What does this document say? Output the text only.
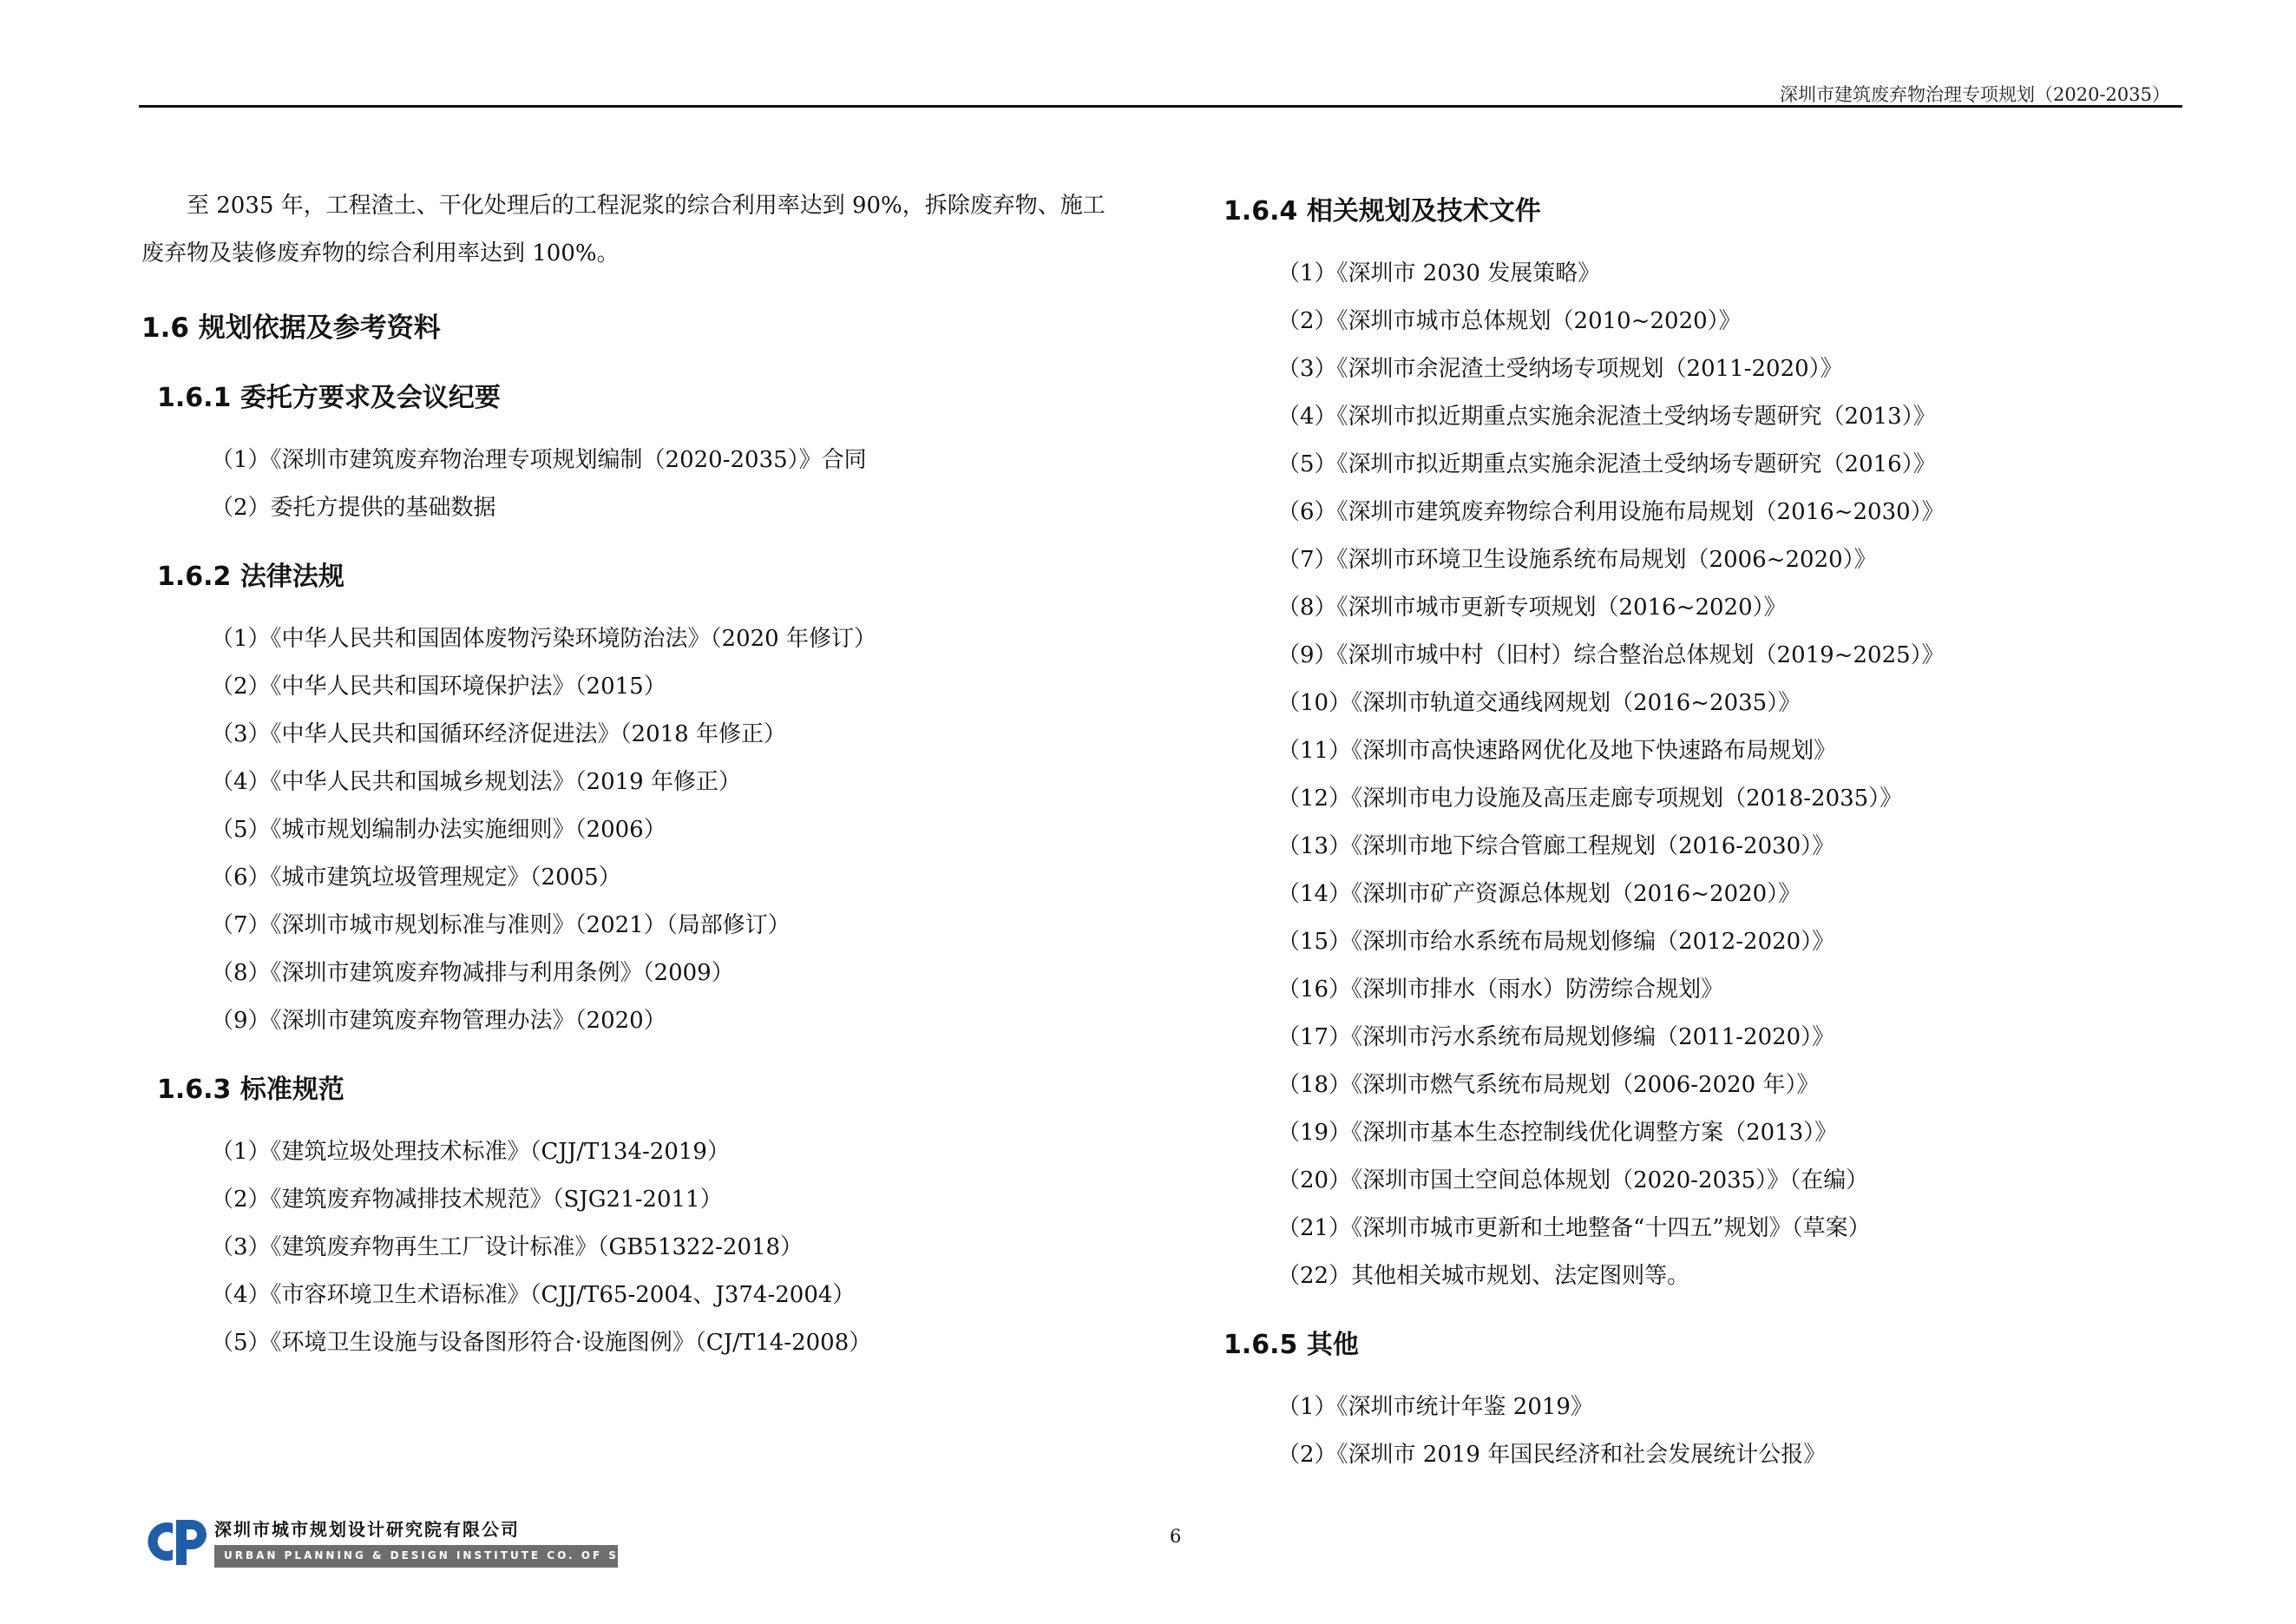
深圳市建筑废弃物治理专项规划（2020-2035）

至 2035 年，工程渣土、干化处理后的工程泥浆的综合利用率达到 90%，拆除废弃物、施工废弃物及装修废弃物的综合利用率达到 100%。

1.6 规划依据及参考资料
1.6.1 委托方要求及会议纪要
（1）《深圳市建筑废弃物治理专项规划编制（2020-2035）》合同
（2）委托方提供的基础数据
1.6.2 法律法规
（1）《中华人民共和国固体废物污染环境防治法》（2020 年修订）
（2）《中华人民共和国环境保护法》（2015）
（3）《中华人民共和国循环经济促进法》（2018 年修正）
（4）《中华人民共和国城乡规划法》（2019 年修正）
（5）《城市规划编制办法实施细则》（2006）
（6）《城市建筑垃圾管理规定》（2005）
（7）《深圳市城市规划标准与准则》（2021）（局部修订）
（8）《深圳市建筑废弃物减排与利用条例》（2009）
（9）《深圳市建筑废弃物管理办法》（2020）
1.6.3 标准规范
（1）《建筑垃圾处理技术标准》（CJJ/T134-2019）
（2）《建筑废弃物减排技术规范》（SJG21-2011）
（3）《建筑废弃物再生工厂设计标准》（GB51322-2018）
（4）《市容环境卫生术语标准》（CJJ/T65-2004、J374-2004）
（5）《环境卫生设施与设备图形符合·设施图例》（CJ/T14-2008）
1.6.4 相关规划及技术文件
（1）《深圳市 2030 发展策略》
（2）《深圳市城市总体规划（2010~2020）》
（3）《深圳市余泥渣土受纳场专项规划（2011-2020）》
（4）《深圳市拟近期重点实施余泥渣土受纳场专题研究（2013）》
（5）《深圳市拟近期重点实施余泥渣土受纳场专题研究（2016）》
（6）《深圳市建筑废弃物综合利用设施布局规划（2016~2030）》
（7）《深圳市环境卫生设施系统布局规划（2006~2020）》
（8）《深圳市城市更新专项规划（2016~2020）》
（9）《深圳市城中村（旧村）综合整治总体规划（2019~2025）》
（10）《深圳市轨道交通线网规划（2016~2035）》
（11）《深圳市高快速路网优化及地下快速路布局规划》
（12）《深圳市电力设施及高压走廊专项规划（2018-2035）》
（13）《深圳市地下综合管廊工程规划（2016-2030）》
（14）《深圳市矿产资源总体规划（2016~2020）》
（15）《深圳市给水系统布局规划修编（2012-2020）》
（16）《深圳市排水（雨水）防涝综合规划》
（17）《深圳市污水系统布局规划修编（2011-2020）》
（18）《深圳市燃气系统布局规划（2006-2020 年）》
（19）《深圳市基本生态控制线优化调整方案（2013）》
（20）《深圳市国土空间总体规划（2020-2035）》（在编）
（21）《深圳市城市更新和土地整备“十四五”规划》（草案）
（22）其他相关城市规划、法定图则等。
1.6.5 其他
（1）《深圳市统计年鉴 2019》
（2）《深圳市 2019 年国民经济和社会发展统计公报》
深圳市城市规划设计研究院有限公司
URBAN PLANNING & DESIGN INSTITUTE CO. OF SHENZHEN
6
